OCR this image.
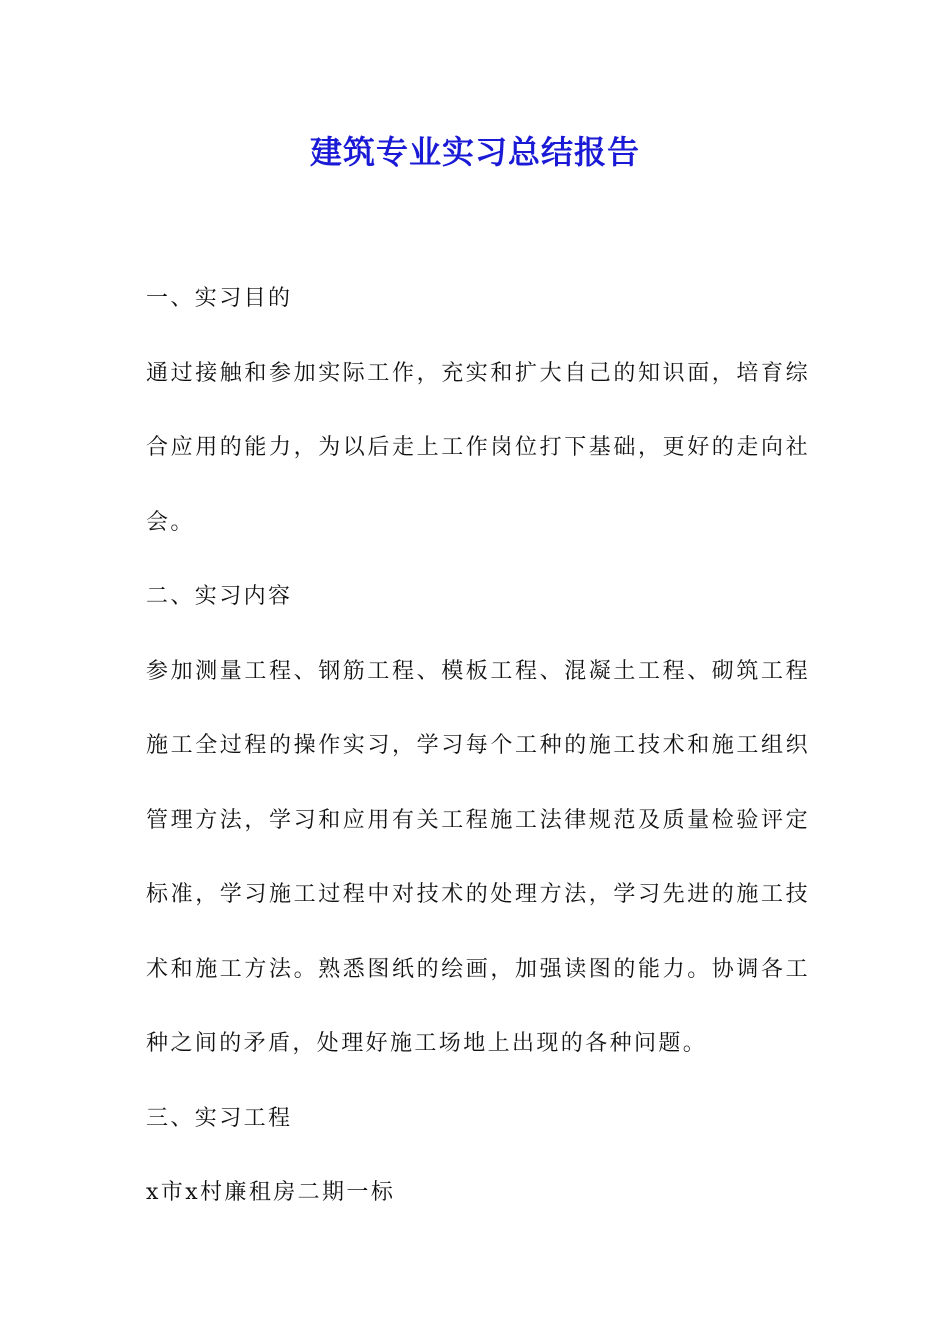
建筑专业实习总结报告

一、实习目的

通过接触和参加实际工作，充实和扩大自己的知识面，培育综合应用的能力，为以后走上工作岗位打下基础，更好的走向社会。

二、实习内容

参加测量工程、钢筋工程、模板工程、混凝土工程、砌筑工程施工全过程的操作实习，学习每个工种的施工技术和施工组织管理方法，学习和应用有关工程施工法律规范及质量检验评定标准，学习施工过程中对技术的处理方法，学习先进的施工技术和施工方法。熟悉图纸的绘画，加强读图的能力。协调各工种之间的矛盾，处理好施工场地上出现的各种问题。

三、实习工程

x市x村廉租房二期一标
